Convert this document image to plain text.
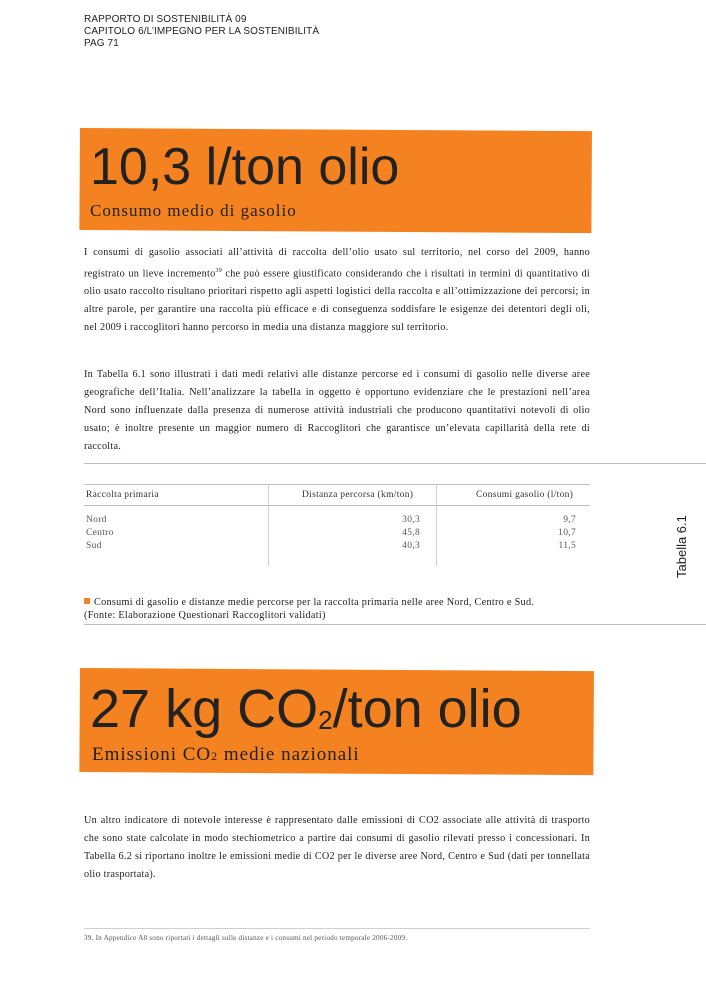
RAPPORTO DI SOSTENIBILITÀ 09
CAPITOLO 6/L’IMPEGNO PER LA SOSTENIBILITÀ
PAG 71
10,3 l/ton olio
Consumo medio di gasolio
I consumi di gasolio associati all’attività di raccolta dell’olio usato sul territorio, nel corso del 2009, hanno registrato un lieve incremento$^{39}$ che può essere giustificato considerando che i risultati in termini di quantitativo di olio usato raccolto risultano prioritari rispetto agli aspetti logistici della raccolta e all’ottimizzazione dei percorsi; in altre parole, per garantire una raccolta più efficace e di conseguenza soddisfare le esigenze dei detentori degli oli, nel 2009 i raccoglitori hanno percorso in media una distanza maggiore sul territorio.
In Tabella 6.1 sono illustrati i dati medi relativi alle distanze percorse ed i consumi di gasolio nelle diverse aree geografiche dell’Italia. Nell’analizzare la tabella in oggetto è opportuno evidenziare che le prestazioni nell’area Nord sono influenzate dalla presenza di numerose attività industriali che producono quantitativi notevoli di olio usato; è inoltre presente un maggior numero di Raccoglitori che garantisce un’elevata capillarità della rete di raccolta.
Raccolta primaria	Distanza percorsa (km/ton)	Consumi gasolio (l/ton)
Nord	30,3	9,7
Centro	45,8	10,7
Sud	40,3	11,5	Tabella 6.1
Consumi di gasolio e distanze medie percorse per la raccolta primaria nelle aree Nord, Centro e Sud.
(Fonte: Elaborazione Questionari Raccoglitori validati)
27 kg CO2/ton olio
Emissioni CO2 medie nazionali
Un altro indicatore di notevole interesse è rappresentato dalle emissioni di CO2 associate alle attività di trasporto che sono state calcolate in modo stechiometrico a partire dai consumi di gasolio rilevati presso i concessionari. In Tabella 6.2 si riportano inoltre le emissioni medie di CO2 per le diverse aree Nord, Centro e Sud (dati per tonnellata olio trasportata).
39. In Appendice A8 sono riportati i dettagli sulle distanze e i consumi nel periodo temporale 2006-2009.
